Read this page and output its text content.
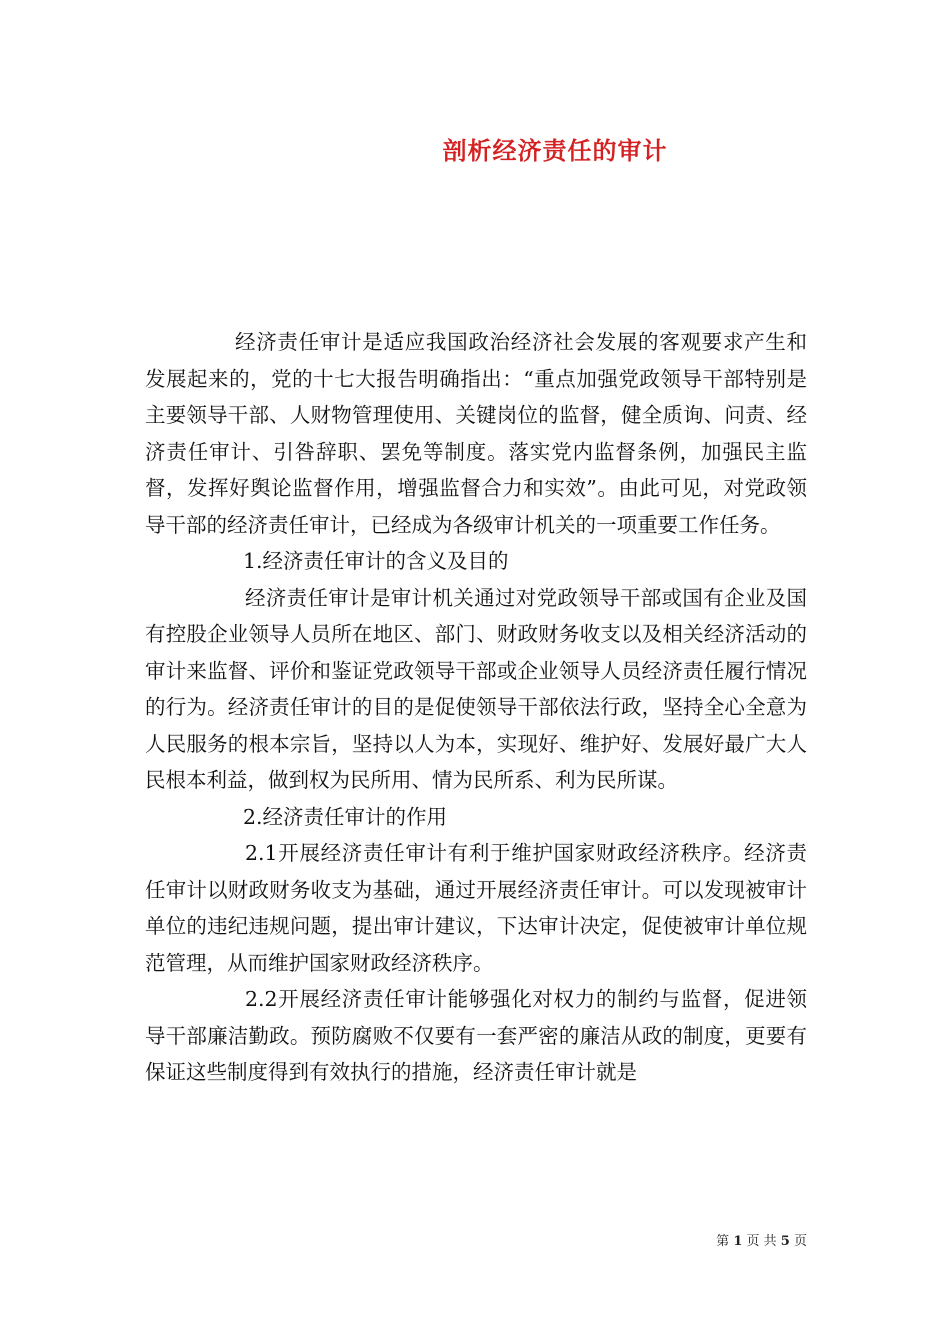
剖析经济责任的审计

经济责任审计是适应我国政治经济社会发展的客观要求产生和发展起来的，党的十七大报告明确指出：“重点加强党政领导干部特别是主要领导干部、人财物管理使用、关键岗位的监督，健全质询、问责、经济责任审计、引咎辞职、罢免等制度。落实党内监督条例，加强民主监督，发挥好舆论监督作用，增强监督合力和实效”。由此可见，对党政领导干部的经济责任审计，已经成为各级审计机关的一项重要工作任务。

1.经济责任审计的含义及目的

经济责任审计是审计机关通过对党政领导干部或国有企业及国有控股企业领导人员所在地区、部门、财政财务收支以及相关经济活动的审计来监督、评价和鉴证党政领导干部或企业领导人员经济责任履行情况的行为。经济责任审计的目的是促使领导干部依法行政，坚持全心全意为人民服务的根本宗旨，坚持以人为本，实现好、维护好、发展好最广大人民根本利益，做到权为民所用、情为民所系、利为民所谋。

2.经济责任审计的作用

2.1开展经济责任审计有利于维护国家财政经济秩序。经济责任审计以财政财务收支为基础，通过开展经济责任审计。可以发现被审计单位的违纪违规问题，提出审计建议，下达审计决定，促使被审计单位规范管理，从而维护国家财政经济秩序。

2.2开展经济责任审计能够强化对权力的制约与监督，促进领导干部廉洁勤政。预防腐败不仅要有一套严密的廉洁从政的制度，更要有保证这些制度得到有效执行的措施，经济责任审计就是

第 1 页 共 5 页
